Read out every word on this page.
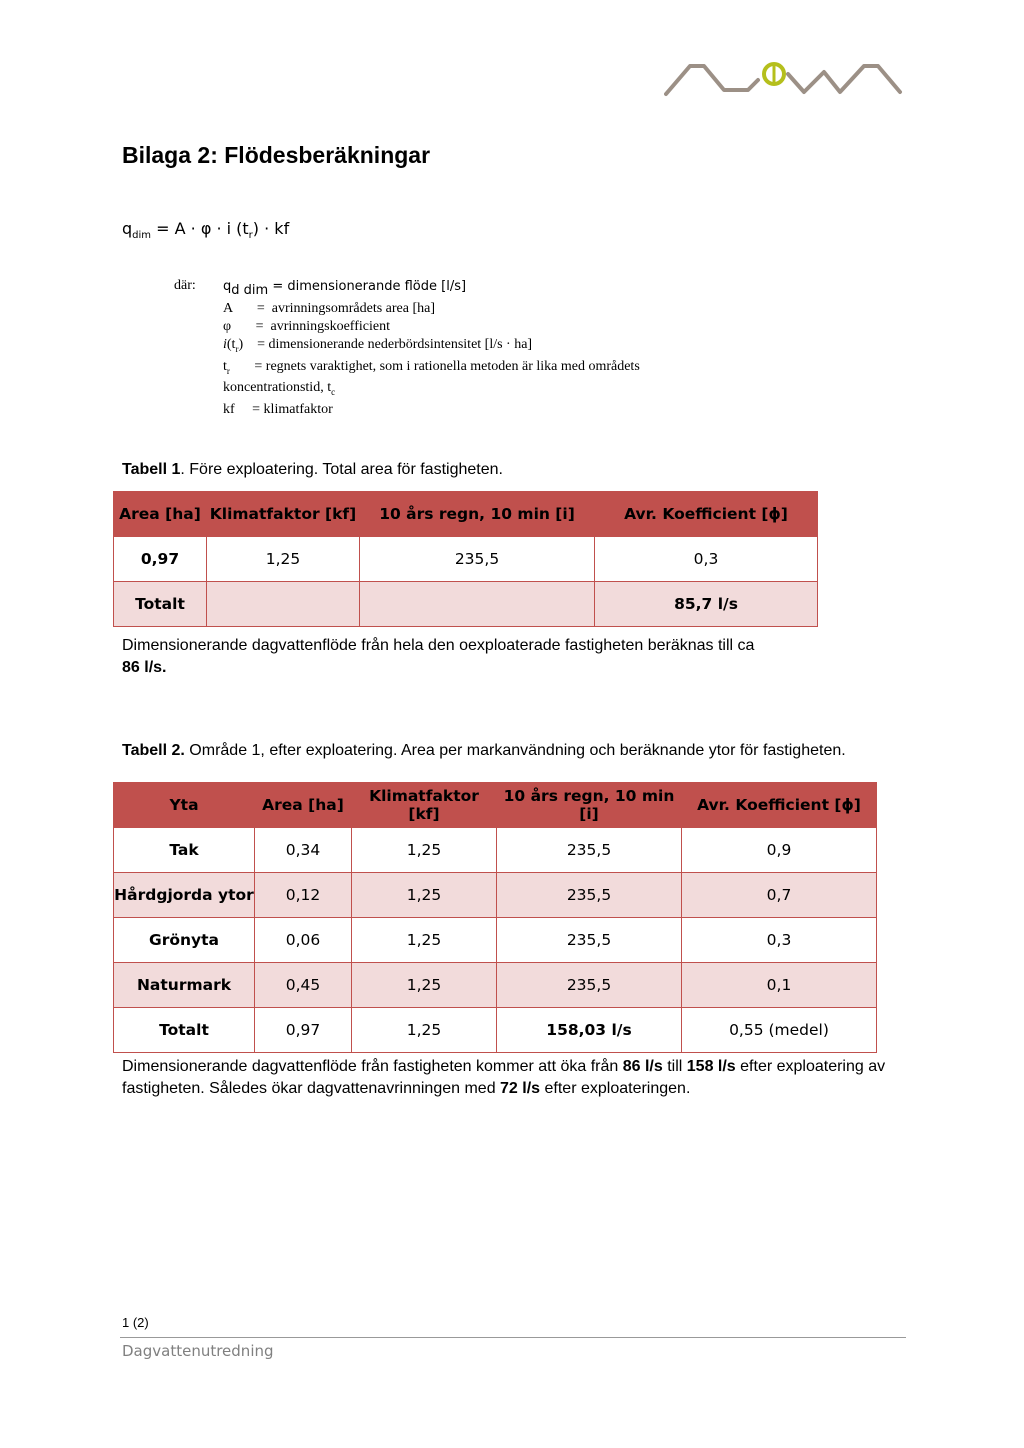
Bilaga 2: Flödesberäkningar
$q_{dim} = A \cdot \varphi \cdot i$ $(t_r)$ · kf
där: $q_{d dim}$ = dimensionerande flöde [l/s]
A       =  avrinningsområdets area [ha]
φ       =  avrinningskoefficient
$i(t_r)$    = dimensionerande nederbördsintensitet [l/s · ha]
$t_r$       = regnets varaktighet, som i rationella metoden är lika med områdets
koncentrationstid, $t_c$
kf     = klimatfaktor
Tabell 1. Före exploatering. Total area för fastigheten.
Area [ha]	Klimatfaktor [kf]	10 års regn, 10 min [i]	Avr. Koefficient [ϕ]
0,97	1,25	235,5	0,3
Totalt			85,7 l/s
Dimensionerande dagvattenflöde från hela den oexploaterade fastigheten beräknas till ca
86 l/s.
Tabell 2. Område 1, efter exploatering. Area per markanvändning och beräknande ytor för fastigheten.
Yta	Area [ha]	Klimatfaktor [kf]	10 års regn, 10 min [i]	Avr. Koefficient [ϕ]
Tak	0,34	1,25	235,5	0,9
Hårdgjorda ytor	0,12	1,25	235,5	0,7
Grönyta	0,06	1,25	235,5	0,3
Naturmark	0,45	1,25	235,5	0,1
Totalt	0,97	1,25	158,03 l/s	0,55 (medel)
Dimensionerande dagvattenflöde från fastigheten kommer att öka från 86 l/s till 158 l/s efter exploatering av fastigheten. Således ökar dagvattenavrinningen med 72 l/s efter exploateringen.
1 (2)
Dagvattenutredning
